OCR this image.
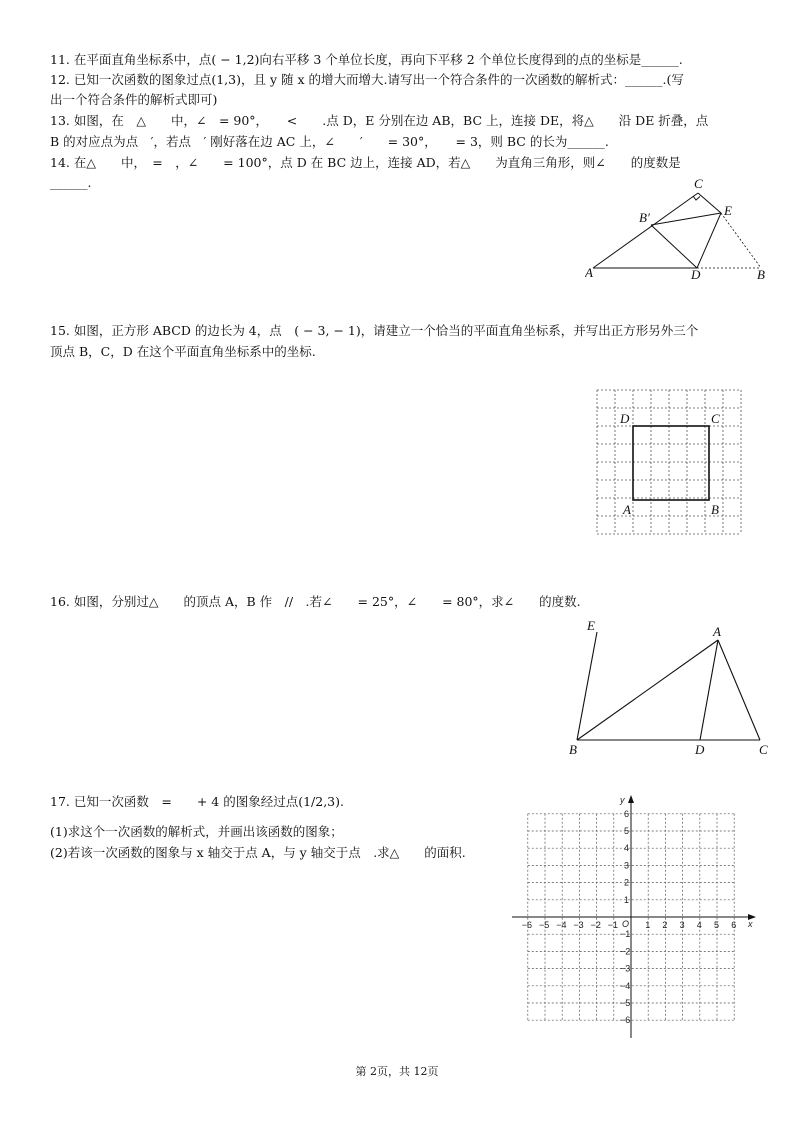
11. 在平面直角坐标系中，点( − 1,2)向右平移 3 个单位长度，再向下平移 2 个单位长度得到的点的坐标是______.
12. 已知一次函数的图象过点(1,3)，且 y 随 x 的增大而增大.请写出一个符合条件的一次函数的解析式：______.(写
出一个符合条件的解析式即可)
13. 如图，在　△　　中，∠　= 90°，　　<　　.点 D，E 分别在边 AB，BC 上，连接 DE，将△　　沿 DE 折叠，点
B 的对应点为点　′，若点　′ 刚好落在边 AC 上，∠　　′　　= 30°，　　= 3，则 BC 的长为______.
14. 在△　　中，　=　，∠　　= 100°，点 D 在 BC 边上，连接 AD，若△　　为直角三角形，则∠　　的度数是
______.
A	D	B
C
E
B′
15. 如图，正方形 ABCD 的边长为 4，点　( − 3, − 1)，请建立一个恰当的平面直角坐标系，并写出正方形另外三个
顶点 B，C，D 在这个平面直角坐标系中的坐标.
D	C
A	B
16. 如图，分别过△　　的顶点 A，B 作　//　.若∠　　= 25°，∠　　= 80°，求∠　　的度数.
E	A
B	D	C
17. 已知一次函数　=　　+ 4 的图象经过点(1/2,3).
(1)求这个一次函数的解析式，并画出该函数的图象；
(2)若该一次函数的图象与 x 轴交于点 A，与 y 轴交于点　.求△　　的面积.
x
y
O
−6 −5 −4 −3 −2 −1	1 2 3 4 5 6
6
5
4
3
2
1
−1
−2
−3
−4
−5
−6
第 2页，共 12页
